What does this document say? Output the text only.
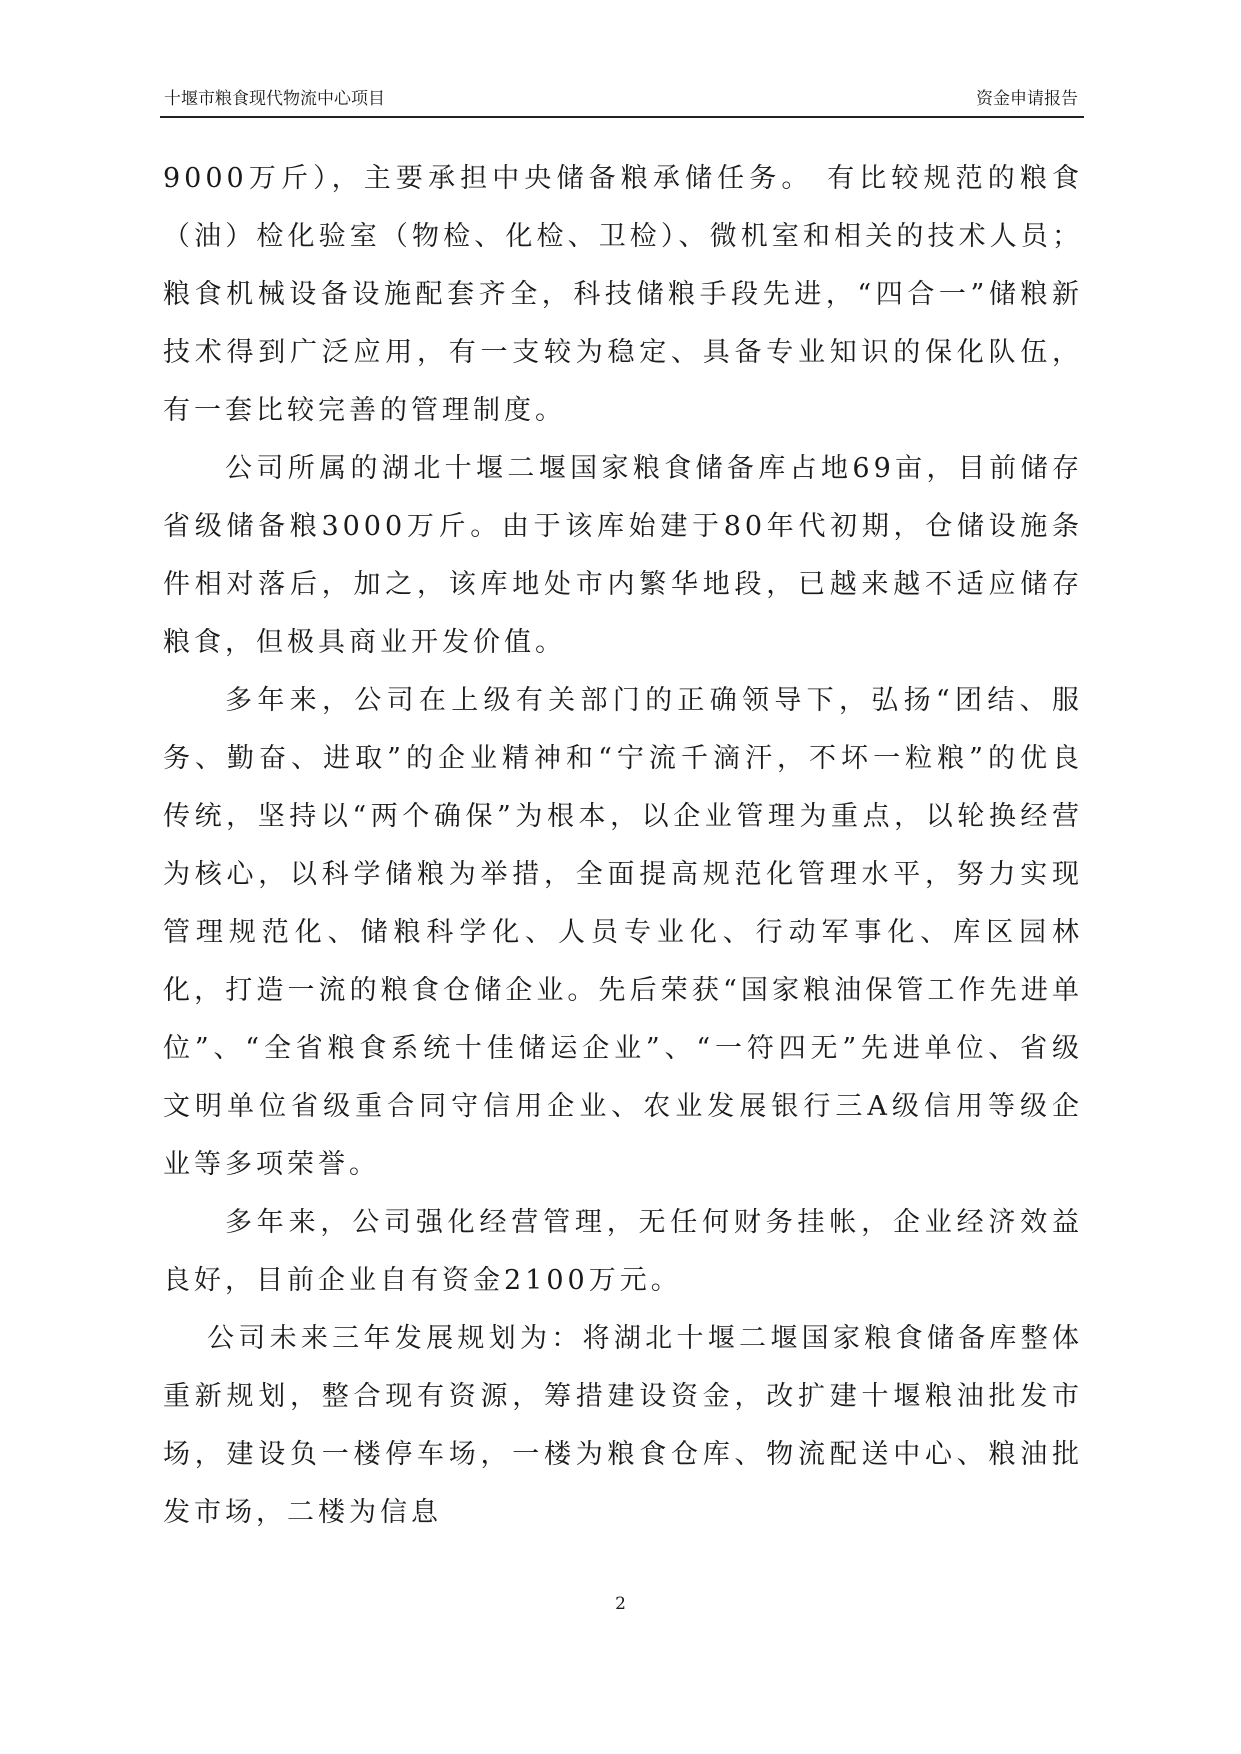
十堰市粮食现代物流中心项目	资金申请报告

9000万斤），主要承担中央储备粮承储任务。 有比较规范的粮食（油）检化验室（物检、化检、卫检）、微机室和相关的技术人员；粮食机械设备设施配套齐全，科技储粮手段先进，“四合一”储粮新技术得到广泛应用，有一支较为稳定、具备专业知识的保化队伍，有一套比较完善的管理制度。

公司所属的湖北十堰二堰国家粮食储备库占地69亩，目前储存省级储备粮3000万斤。由于该库始建于80年代初期，仓储设施条件相对落后，加之，该库地处市内繁华地段，已越来越不适应储存粮食，但极具商业开发价值。

多年来，公司在上级有关部门的正确领导下，弘扬“团结、服务、勤奋、进取”的企业精神和“宁流千滴汗，不坏一粒粮”的优良传统，坚持以“两个确保”为根本，以企业管理为重点，以轮换经营为核心，以科学储粮为举措，全面提高规范化管理水平，努力实现管理规范化、储粮科学化、人员专业化、行动军事化、库区园林化，打造一流的粮食仓储企业。先后荣获“国家粮油保管工作先进单位”、“全省粮食系统十佳储运企业”、“一符四无”先进单位、省级文明单位省级重合同守信用企业、农业发展银行三A级信用等级企业等多项荣誉。

多年来，公司强化经营管理，无任何财务挂帐，企业经济效益良好，目前企业自有资金2100万元。

公司未来三年发展规划为：将湖北十堰二堰国家粮食储备库整体重新规划，整合现有资源，筹措建设资金，改扩建十堰粮油批发市场，建设负一楼停车场，一楼为粮食仓库、物流配送中心、粮油批发市场，二楼为信息

2
